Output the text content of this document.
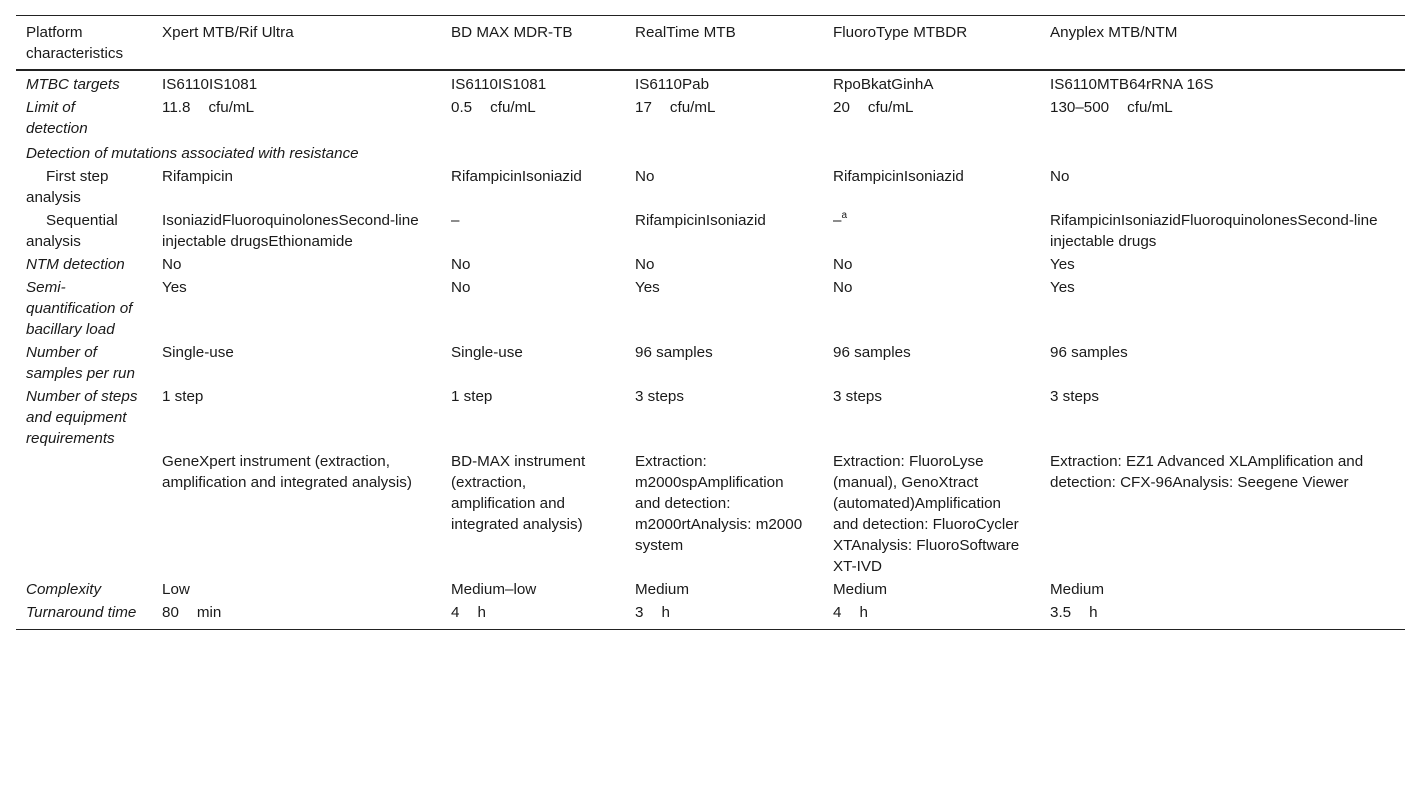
Platform characteristics	Xpert MTB/Rif Ultra	BD MAX MDR-TB	RealTime MTB	FluoroType MTBDR	Anyplex MTB/NTM
MTBC targets	IS6110IS1081	IS6110IS1081	IS6110Pab	RpoBkatGinhA	IS6110MTB64rRNA 16S
Limit of detection	11.8 cfu/mL	0.5 cfu/mL	17 cfu/mL	20 cfu/mL	130–500 cfu/mL
Detection of mutations associated with resistance					
First step analysis	Rifampicin	RifampicinIsoniazid	No	RifampicinIsoniazid	No
Sequential analysis	IsoniazidFluoroquinolonesSecond-line injectable drugsEthionamide	–	RifampicinIsoniazid	–$^a$	RifampicinIsoniazidFluoroquinolonesSecond-line injectable drugs
NTM detection	No	No	No	No	Yes
Semi-quantification of bacillary load	Yes	No	Yes	No	Yes
Number of samples per run	Single-use	Single-use	96 samples	96 samples	96 samples
Number of steps and equipment requirements	1 step	1 step	3 steps	3 steps	3 steps
	GeneXpert instrument (extraction, amplification and integrated analysis)	BD-MAX instrument (extraction, amplification and integrated analysis)	Extraction: m2000spAmplification and detection: m2000rtAnalysis: m2000 system	Extraction: FluoroLyse (manual), GenoXtract (automated)Amplification and detection: FluoroCycler XTAnalysis: FluoroSoftware XT-IVD	Extraction: EZ1 Advanced XLAmplification and detection: CFX-96Analysis: Seegene Viewer
Complexity	Low	Medium–low	Medium	Medium	Medium
Turnaround time	80 min	4 h	3 h	4 h	3.5 h
